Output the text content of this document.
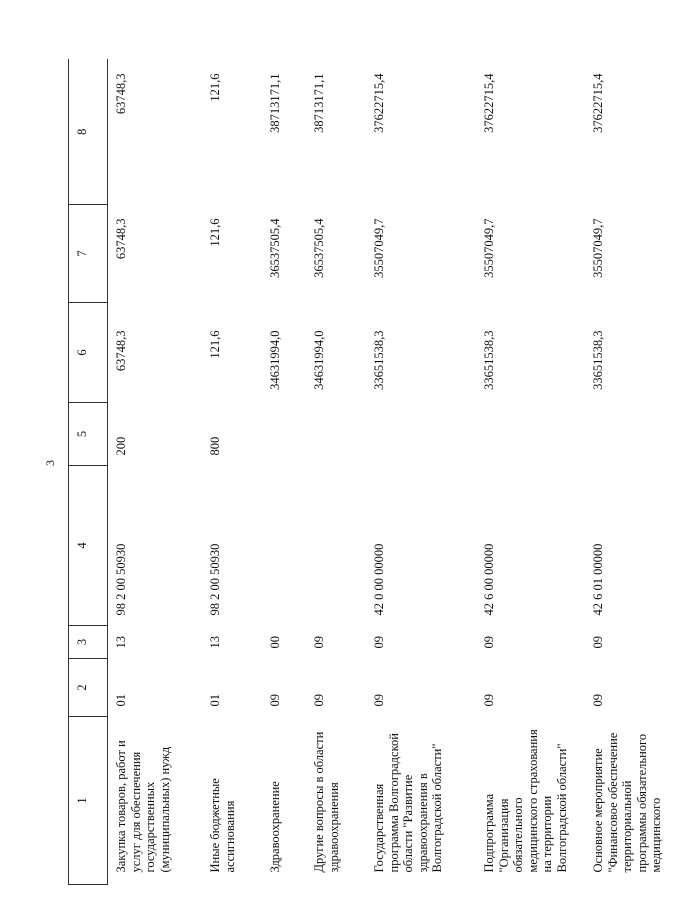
3
1	2	3	4	5	6	7	8
Закупка товаров, работ и услуг для обеспечения государственных (муниципальных) нужд	01	13	98 2 00 50930	200	63748,3	63748,3	63748,3
Иные бюджетные ассигнования	01	13	98 2 00 50930	800	121,6	121,6	121,6
Здравоохранение	09	00			34631994,0	36537505,4	38713171,1
Другие вопросы в области здравоохранения	09	09			34631994,0	36537505,4	38713171,1
Государственная программа Волгоградской области "Развитие здравоохранения в Волгоградской области"	09	09	42 0 00 00000		33651538,3	35507049,7	37622715,4
Подпрограмма "Организация обязательного медицинского страхования на территории Волгоградской области"	09	09	42 6 00 00000		33651538,3	35507049,7	37622715,4
Основное мероприятие "Финансовое обеспечение территориальной программы обязательного медицинского	09	09	42 6 01 00000		33651538,3	35507049,7	37622715,4
